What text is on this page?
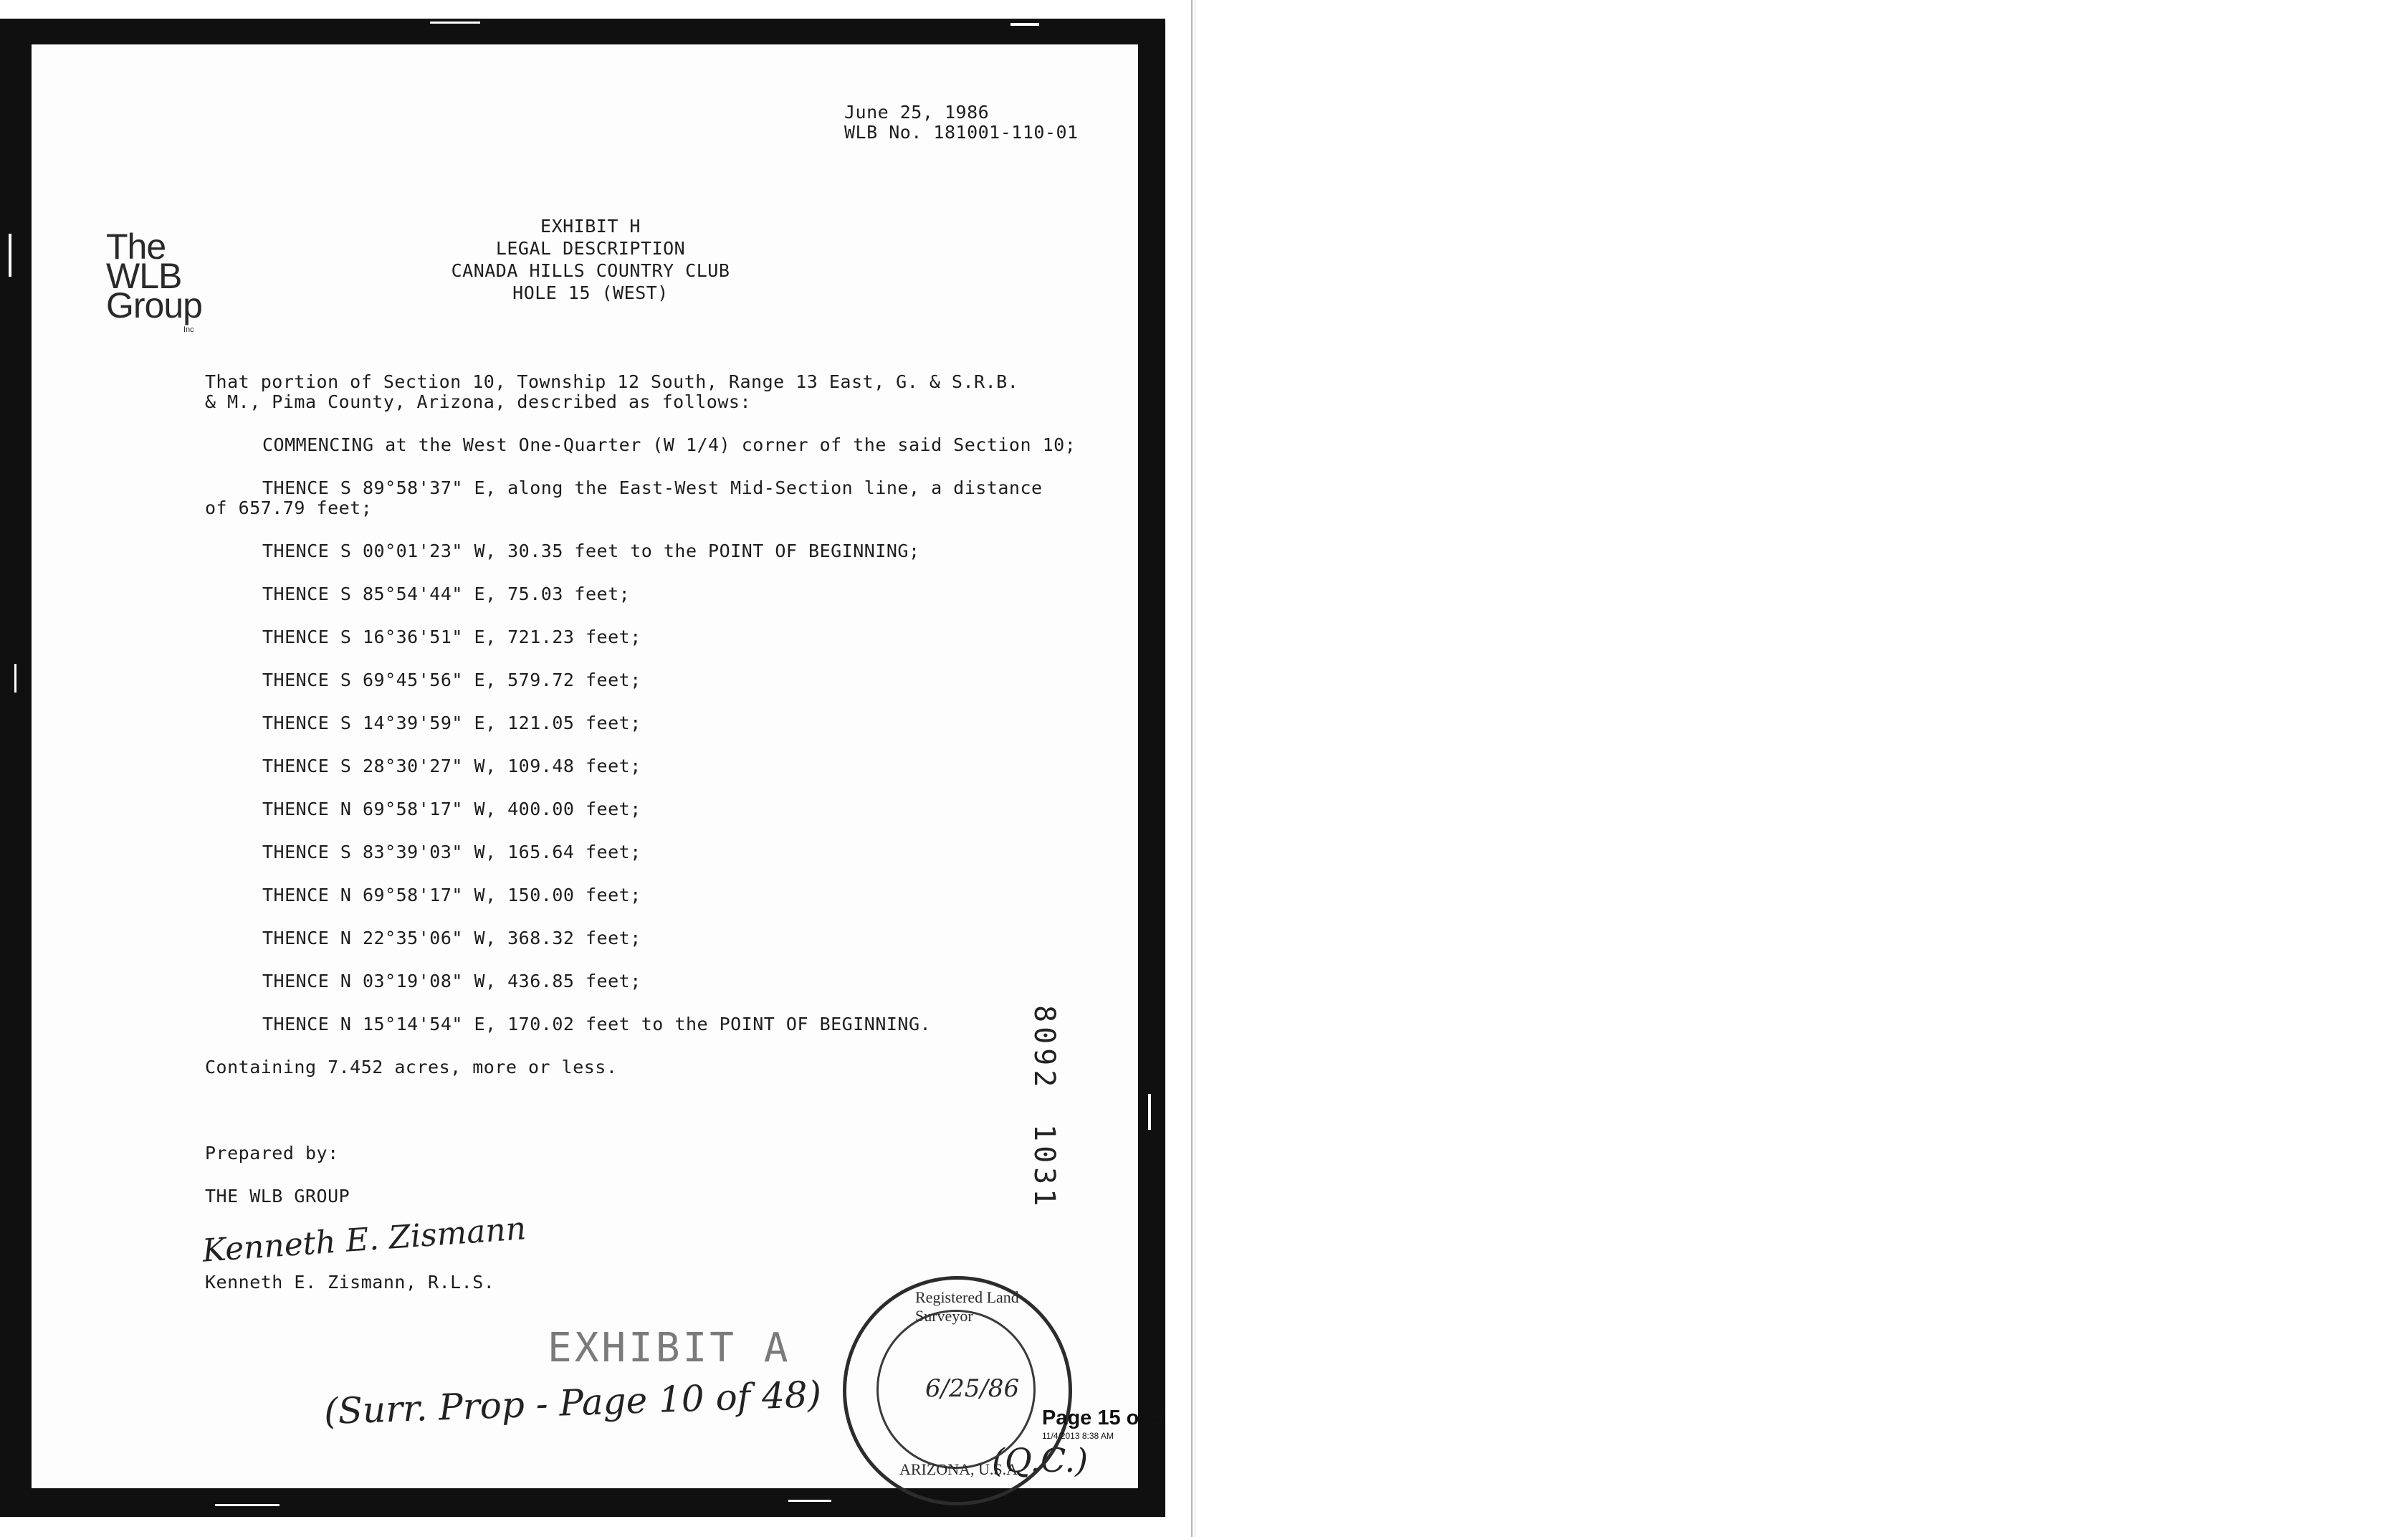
June 25, 1986
WLB No. 181001-110-01
The
WLB
Group
Inc
EXHIBIT H
LEGAL DESCRIPTION
CANADA HILLS COUNTRY CLUB
HOLE 15 (WEST)
That portion of Section 10, Township 12 South, Range 13 East, G. & S.R.B.
& M., Pima County, Arizona, described as follows:
COMMENCING at the West One-Quarter (W 1/4) corner of the said Section 10;
THENCE S 89°58'37" E, along the East-West Mid-Section line, a distance
of 657.79 feet;
THENCE S 00°01'23" W, 30.35 feet to the POINT OF BEGINNING;
THENCE S 85°54'44" E, 75.03 feet;
THENCE S 16°36'51" E, 721.23 feet;
THENCE S 69°45'56" E, 579.72 feet;
THENCE S 14°39'59" E, 121.05 feet;
THENCE S 28°30'27" W, 109.48 feet;
THENCE N 69°58'17" W, 400.00 feet;
THENCE S 83°39'03" W, 165.64 feet;
THENCE N 69°58'17" W, 150.00 feet;
THENCE N 22°35'06" W, 368.32 feet;
THENCE N 03°19'08" W, 436.85 feet;
THENCE N 15°14'54" E, 170.02 feet to the POINT OF BEGINNING.
Containing 7.452 acres, more or less.
Prepared by:
THE WLB GROUP
Kenneth E. Zismann
Kenneth E. Zismann, R.L.S.
8092
1031
EXHIBIT A
(Surr. Prop - Page 10 of 48)
(Q.C.)
Registered Land Surveyor
ARIZONA, U.S.A.
6/25/86
Page 15 of 5
11/4/2013 8:38 AM
